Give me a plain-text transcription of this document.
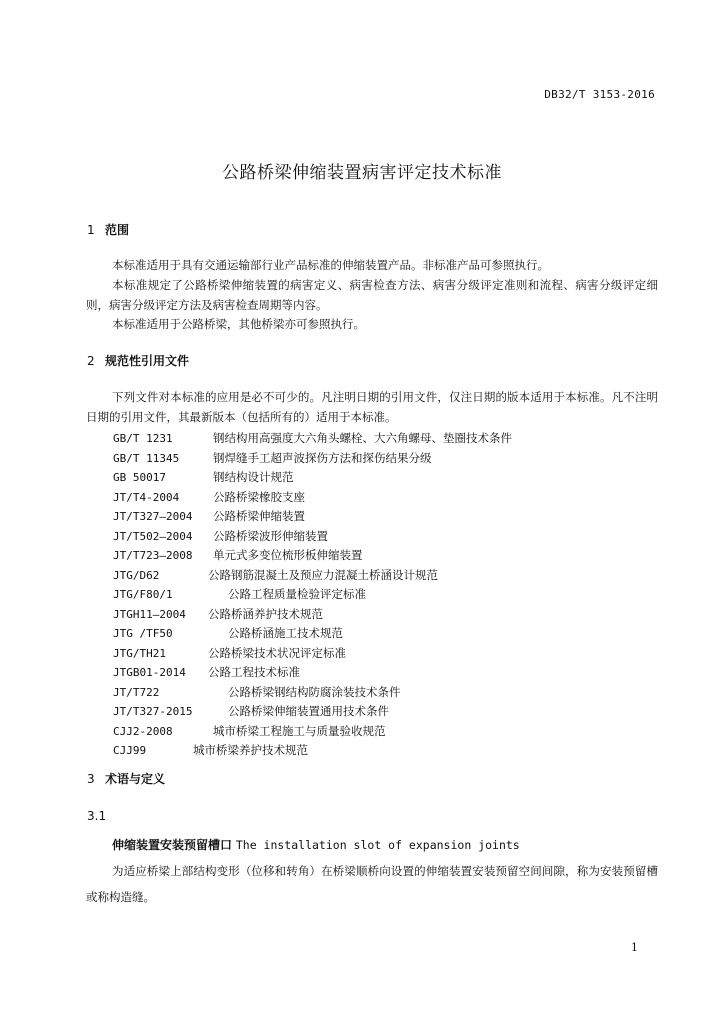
DB32/T 3153-2016
公路桥梁伸缩装置病害评定技术标准
1 范围
本标准适用于具有交通运输部行业产品标准的伸缩装置产品。非标准产品可参照执行。
本标准规定了公路桥梁伸缩装置的病害定义、病害检查方法、病害分级评定准则和流程、病害分级评定细则，病害分级评定方法及病害检查周期等内容。
本标准适用于公路桥梁，其他桥梁亦可参照执行。
2 规范性引用文件
下列文件对本标准的应用是必不可少的。凡注明日期的引用文件，仅注日期的版本适用于本标准。凡不注明日期的引用文件，其最新版本（包括所有的）适用于本标准。
GB/T 1231	钢结构用高强度大六角头螺栓、大六角螺母、垫圈技术条件
GB/T 11345	钢焊缝手工超声波探伤方法和探伤结果分级
GB 50017	钢结构设计规范
JT/T4-2004	公路桥梁橡胶支座
JT/T327—2004 公路桥梁伸缩装置
JT/T502—2004 公路桥梁波形伸缩装置
JT/T723—2008 单元式多变位梳形板伸缩装置
JTG/D62	公路钢筋混凝土及预应力混凝土桥涵设计规范
JTG/F80/1	公路工程质量检验评定标准
JTGH11—2004 公路桥涵养护技术规范
JTG /TF50	公路桥涵施工技术规范
JTG/TH21	公路桥梁技术状况评定标准
JTGB01-2014 公路工程技术标准
JT/T722	公路桥梁钢结构防腐涂装技术条件
JT/T327-2015	公路桥梁伸缩装置通用技术条件
CJJ2-2008	城市桥梁工程施工与质量验收规范
CJJ99	城市桥梁养护技术规范
3 术语与定义
3.1
伸缩装置安装预留槽口 The installation slot of expansion joints
为适应桥梁上部结构变形（位移和转角）在桥梁顺桥向设置的伸缩装置安装预留空间间隙，称为安装预留槽或称构造缝。
1
